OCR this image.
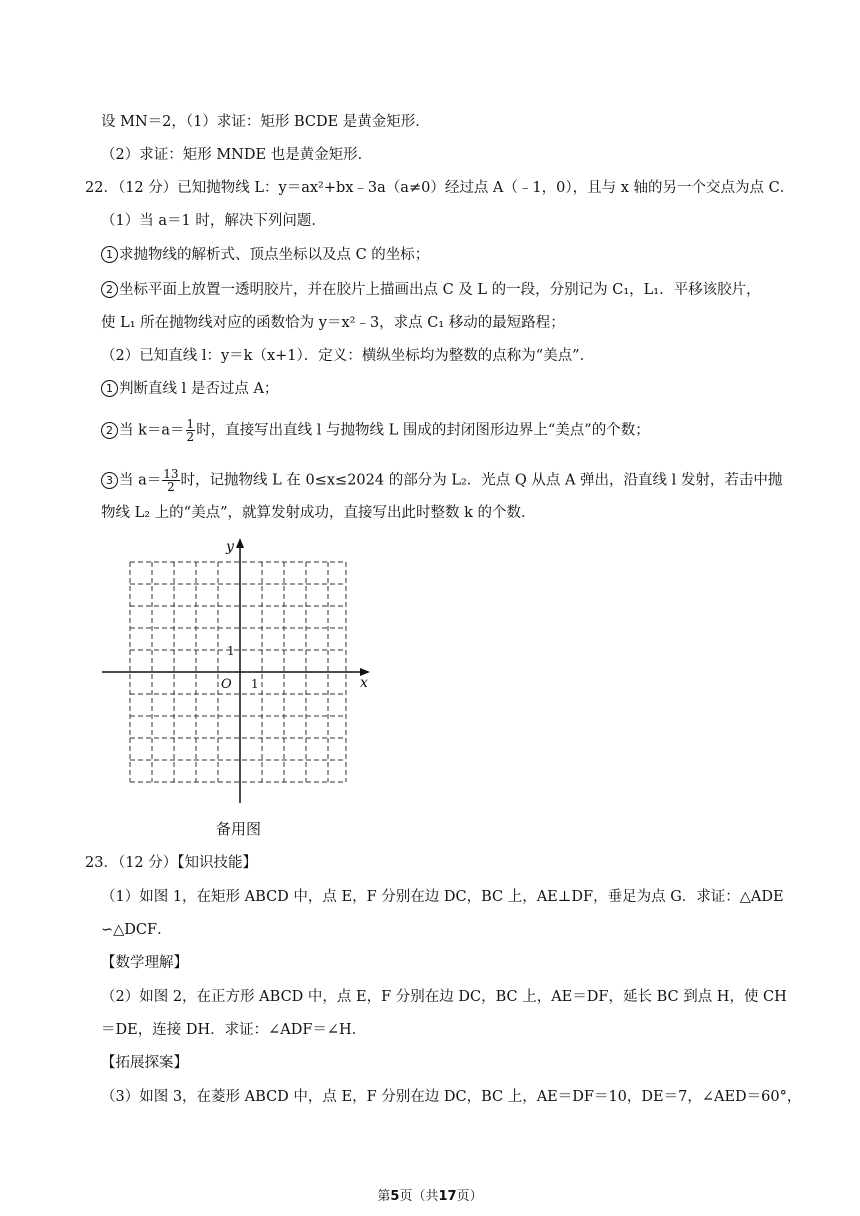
设 MN＝2，（1）求证：矩形 BCDE 是黄金矩形．
（2）求证：矩形 MNDE 也是黄金矩形．
22．（12 分）已知抛物线 L：y＝ax²+bx﹣3a（a≠0）经过点 A（﹣1，0），且与 x 轴的另一个交点为点 C．
（1）当 a＝1 时，解决下列问题．
1 求抛物线的解析式、顶点坐标以及点 C 的坐标；
2 坐标平面上放置一透明胶片，并在胶片上描画出点 C 及 L 的一段，分别记为 C₁，L₁．平移该胶片，
使 L₁ 所在抛物线对应的函数恰为 y＝x²﹣3，求点 C₁ 移动的最短路程；
（2）已知直线 l：y＝k（x+1）．定义：横纵坐标均为整数的点称为“美点”．
1 判断直线 l 是否过点 A；
2 当 $k=a= \frac{1}{2}$ 时，直接写出直线 l 与抛物线 L 围成的封闭图形边界上“美点”的个数；
3 当 $a= \frac{13}{2}$ 时，记抛物线 L 在 0≤x≤2024 的部分为 L₂．光点 Q 从点 A 弹出，沿直线 l 发射，若击中抛
物线 L₂ 上的“美点”，就算发射成功，直接写出此时整数 k 的个数．
y
x
O 1
1
备用图
23．（12 分）【知识技能】
（1）如图 1，在矩形 ABCD 中，点 E，F 分别在边 DC，BC 上，AE⊥DF，垂足为点 G．求证：△ADE
∽△DCF．
【数学理解】
（2）如图 2，在正方形 ABCD 中，点 E，F 分别在边 DC，BC 上，AE＝DF，延长 BC 到点 H，使 CH
＝DE，连接 DH．求证：∠ADF＝∠H．
【拓展探案】
（3）如图 3，在菱形 ABCD 中，点 E，F 分别在边 DC，BC 上，AE＝DF＝10，DE＝7，∠AED＝60°，
第5页（共17页）
